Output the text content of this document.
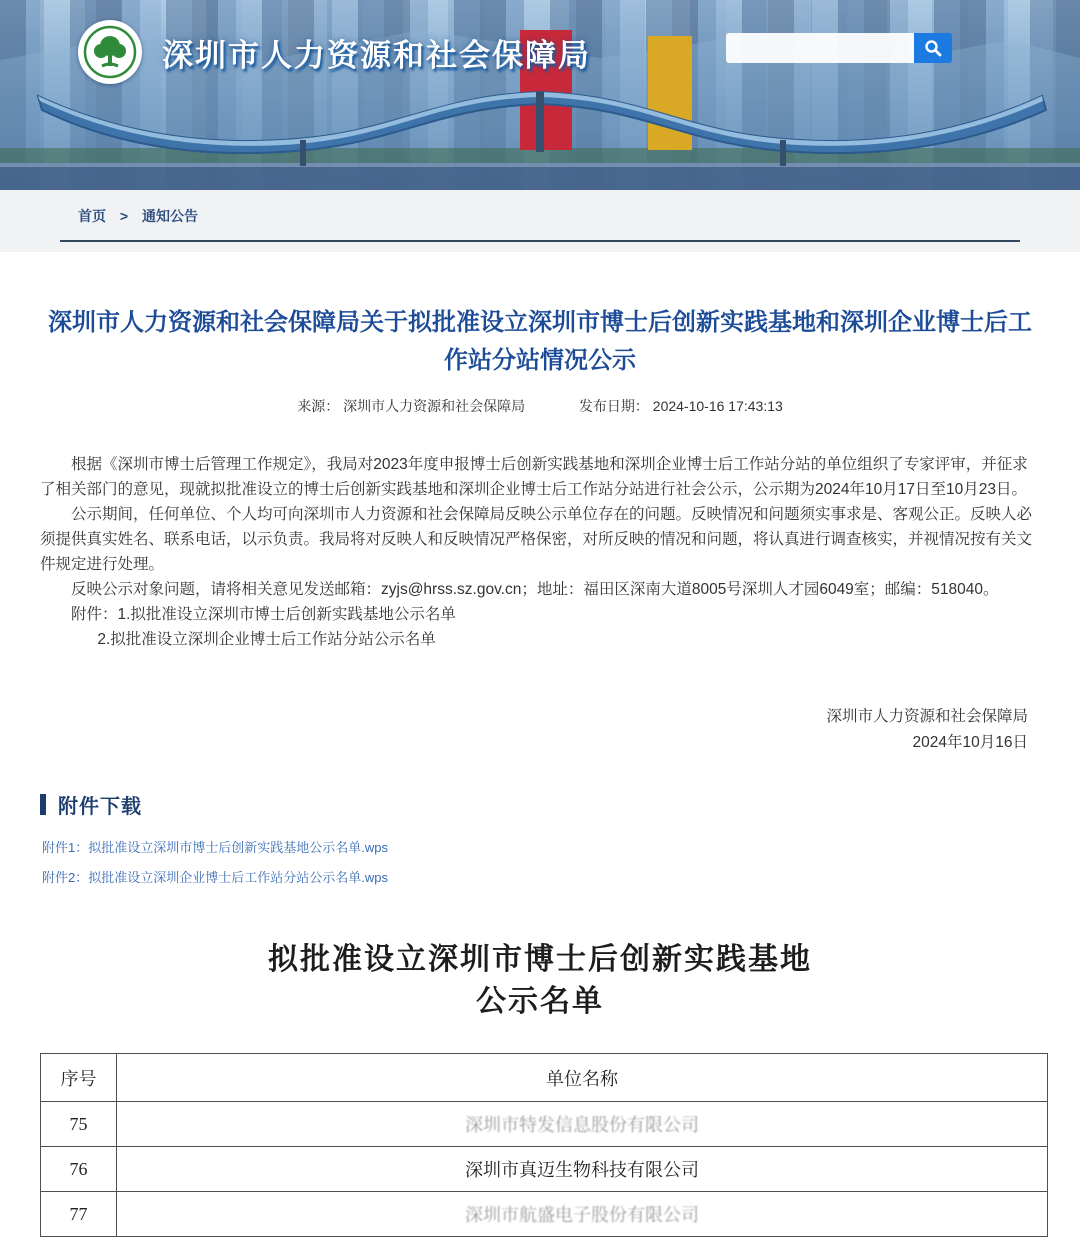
深圳市人力资源和社会保障局
首页 > 通知公告
深圳市人力资源和社会保障局关于拟批准设立深圳市博士后创新实践基地和深圳企业博士后工作站分站情况公示
来源： 深圳市人力资源和社会保障局	发布日期： 2024-10-16 17:43:13

根据《深圳市博士后管理工作规定》，我局对2023年度申报博士后创新实践基地和深圳企业博士后工作站分站的单位组织了专家评审，并征求了相关部门的意见，现就拟批准设立的博士后创新实践基地和深圳企业博士后工作站分站进行社会公示，公示期为2024年10月17日至10月23日。

公示期间，任何单位、个人均可向深圳市人力资源和社会保障局反映公示单位存在的问题。反映情况和问题须实事求是、客观公正。反映人必须提供真实姓名、联系电话，以示负责。我局将对反映人和反映情况严格保密，对所反映的情况和问题，将认真进行调查核实，并视情况按有关文件规定进行处理。

反映公示对象问题，请将相关意见发送邮箱：zyjs@hrss.sz.gov.cn；地址：福田区深南大道8005号深圳人才园6049室；邮编：518040。

附件：1.拟批准设立深圳市博士后创新实践基地公示名单
2.拟批准设立深圳企业博士后工作站分站公示名单
深圳市人力资源和社会保障局
2024年10月16日
附件下载
附件1：拟批准设立深圳市博士后创新实践基地公示名单.wps
附件2：拟批准设立深圳企业博士后工作站分站公示名单.wps
拟批准设立深圳市博士后创新实践基地
公示名单
序号	单位名称
75	深圳市特发信息股份有限公司
76	深圳市真迈生物科技有限公司
77	深圳市航盛电子股份有限公司
